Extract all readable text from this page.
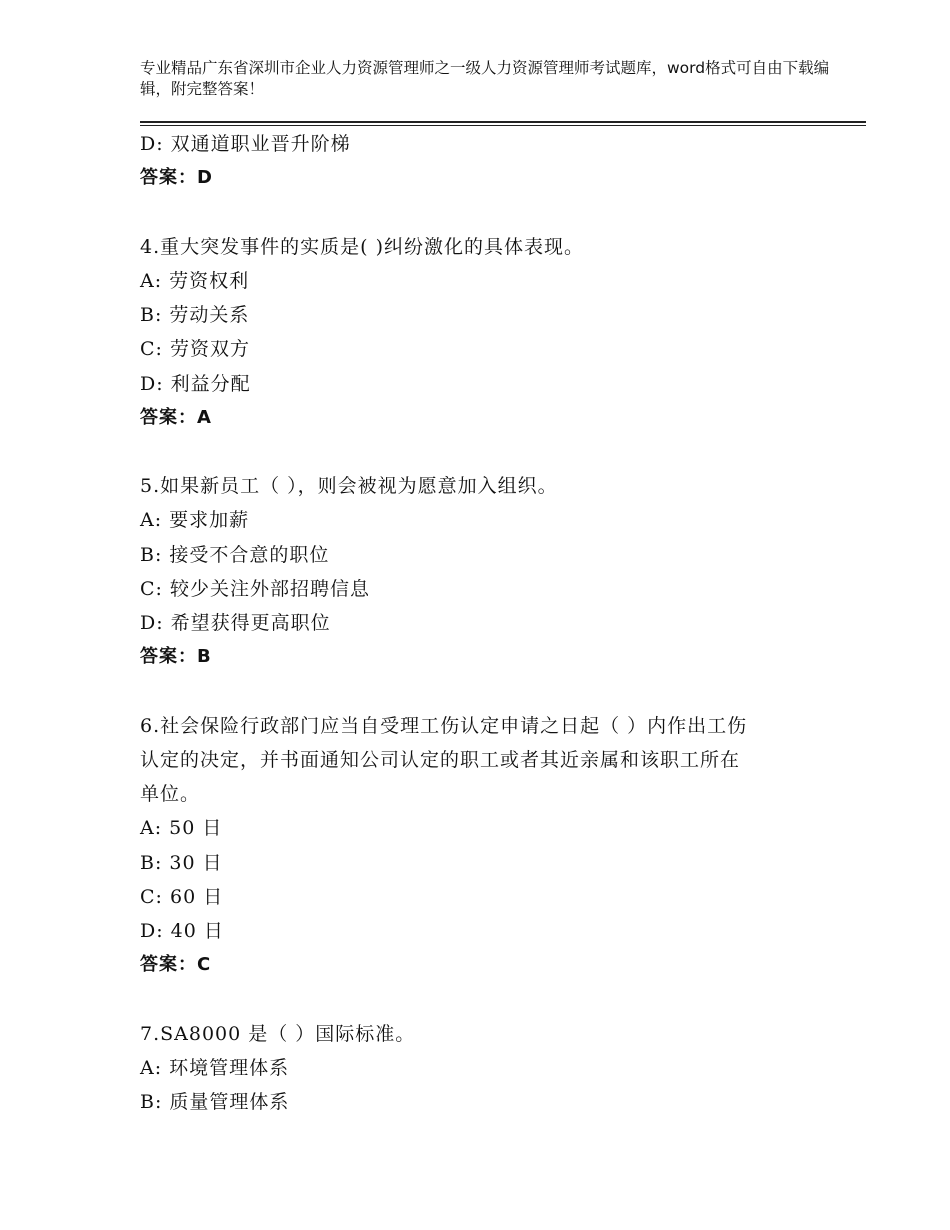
专业精品广东省深圳市企业人力资源管理师之一级人力资源管理师考试题库，word格式可自由下载编辑，附完整答案！
D: 双通道职业晋升阶梯
答案：D
4.重大突发事件的实质是( )纠纷激化的具体表现。
A: 劳资权利
B: 劳动关系
C: 劳资双方
D: 利益分配
答案：A
5.如果新员工（ ），则会被视为愿意加入组织。
A: 要求加薪
B: 接受不合意的职位
C: 较少关注外部招聘信息
D: 希望获得更高职位
答案：B
6.社会保险行政部门应当自受理工伤认定申请之日起（ ）内作出工伤
认定的决定，并书面通知公司认定的职工或者其近亲属和该职工所在
单位。
A: 50 日
B: 30 日
C: 60 日
D: 40 日
答案：C
7.SA8000 是（ ）国际标准。
A: 环境管理体系
B: 质量管理体系
